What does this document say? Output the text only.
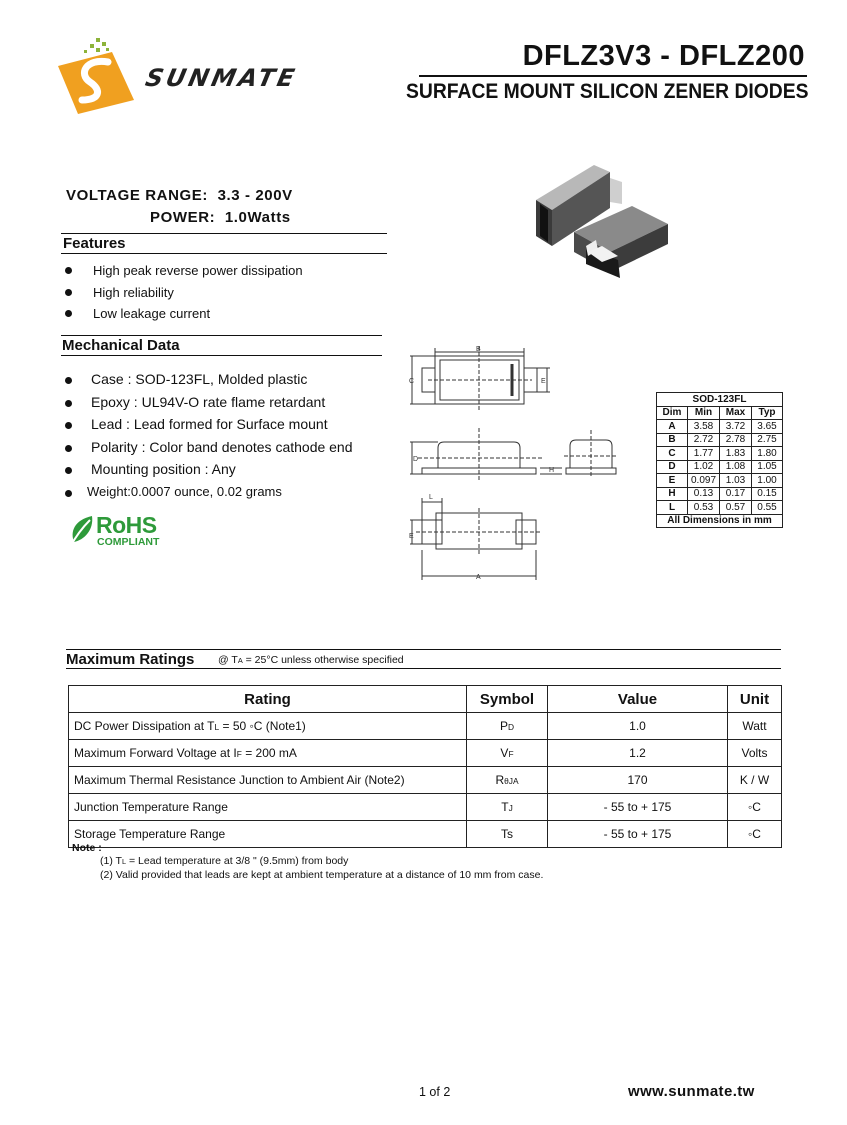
SUNMATE
DFLZ3V3 - DFLZ200
SURFACE MOUNT SILICON ZENER DIODES
VOLTAGE RANGE: 3.3 - 200V
POWER: 1.0Watts
Features
High peak reverse power dissipation
High reliability
Low leakage current
Mechanical Data
Case : SOD-123FL, Molded plastic
Epoxy : UL94V-O rate flame retardant
Lead : Lead formed for Surface mount
Polarity : Color band denotes cathode end
Mounting position : Any
Weight:0.0007 ounce, 0.02 grams
RoHS
COMPLIANT
B
C	E
D
H
L
E
A
SOD-123FL			
Dim	Min	Max	Typ
A	3.58	3.72	3.65
B	2.72	2.78	2.75
C	1.77	1.83	1.80
D	1.02	1.08	1.05
E	0.097	1.03	1.00
H	0.13	0.17	0.15
L	0.53	0.57	0.55
All Dimensions in mm			
Maximum Ratings @ TA = 25°C unless otherwise specified
Rating	Symbol	Value	Unit
DC Power Dissipation at TL = 50 ◦C (Note1)	PD	1.0	Watt
Maximum Forward Voltage at IF = 200 mA	VF	1.2	Volts
Maximum Thermal Resistance Junction to Ambient Air (Note2)	RθJA	170	K / W
Junction Temperature Range	TJ	- 55 to + 175	◦C
Storage Temperature Range	Ts	- 55 to + 175	◦C
Note :
(1) TL = Lead temperature at 3/8 " (9.5mm) from body
(2) Valid provided that leads are kept at ambient temperature at a distance of 10 mm from case.
1 of 2	www.sunmate.tw
